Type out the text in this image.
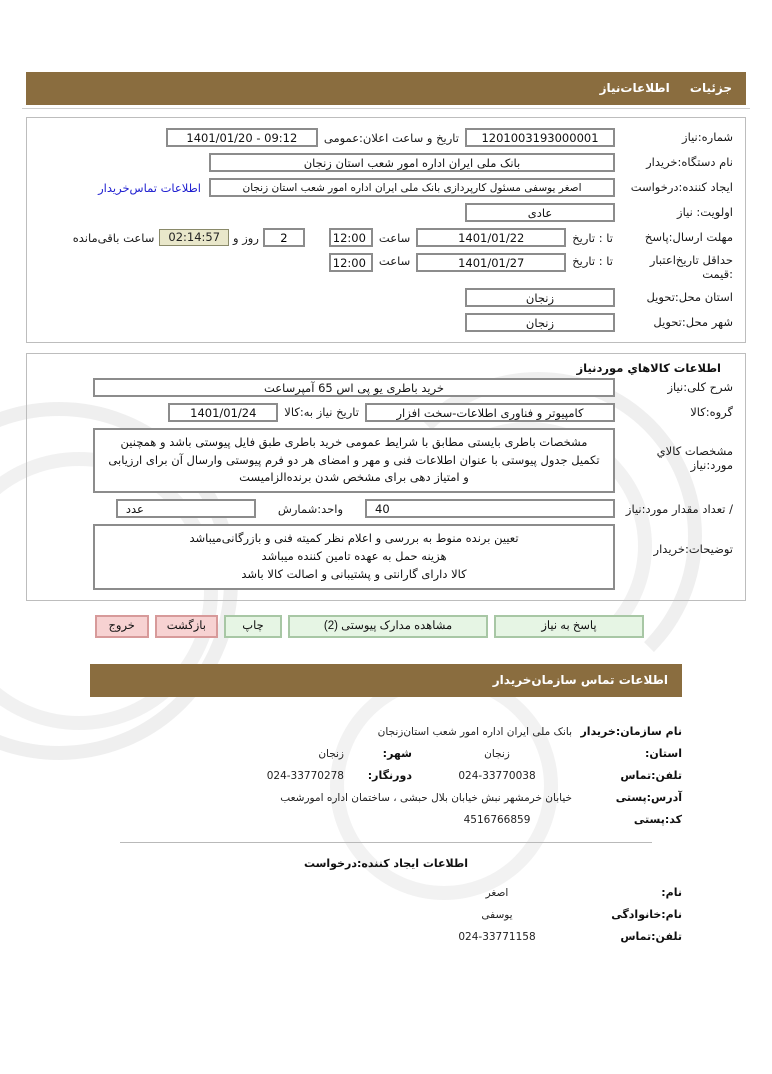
جزئیات اطلاعات‌نیاز
شماره:نیاز
1201003193000001
تاریخ و ساعت اعلان:عمومی
09:12 - 1401/01/20
نام دستگاه:خریدار
بانک ملی ایران اداره امور شعب استان زنجان
ایجاد کننده:درخواست
اصغر یوسفی مسئول کارپردازی بانک ملی ایران اداره امور شعب استان زنجان
اطلاعات تماس‌خریدار
اولویت: نیاز
عادی
مهلت ارسال:پاسخ
تا : تاریخ
1401/01/22
ساعت
12:00
2
روز و
02:14:57
ساعت باقی‌مانده
حداقل تاریخ‌اعتبار :قیمت
تا : تاریخ
1401/01/27
ساعت
12:00
استان محل:تحویل
زنجان
شهر محل:تحویل
زنجان
اطلاعات کالاهاي موردنیاز
شرح کلی:نیاز
خرید باطری یو پی اس 65 آمپرساعت
گروه:کالا
کامپیوتر و فناوری اطلاعات-سخت افزار
تاریخ نیاز به:کالا
1401/01/24
مشخصات کالاي مورد:نیاز
مشخصات باطری بایستی مطابق با شرایط عمومی خرید باطری طبق فایل پیوستی باشد و همچنین
تکمیل جدول پیوستی با عنوان اطلاعات فنی و مهر و امضای هر دو فرم پیوستی وارسال آن برای ارزیابی
و امتیاز دهی برای مشخص شدن برنده‌الزامیست
/ تعداد مقدار مورد:نیاز
40
واحد:شمارش
عدد
توضیحات:خریدار
تعیین برنده منوط به بررسی و اعلام نظر کمیته فنی و بازرگانی‌میباشد
هزینه حمل به عهده تامین کننده میباشد
کالا دارای گارانتی و پشتیبانی و اصالت کالا باشد
پاسخ به نیاز
مشاهده مدارک پیوستی (2)
چاپ
بازگشت
خروج
اطلاعات تماس سازمان‌خریدار
نام سازمان:خریدار
بانک ملی ایران اداره امور شعب استان‌زنجان
استان:
زنجان
شهر:
زنجان
تلفن:تماس
024-33770038
دورنگار:
024-33770278
آدرس:پستی
خیابان خرمشهر نبش خیابان بلال حبشی ، ساختمان اداره امورشعب
کد:پستی
4516766859
اطلاعات ایجاد کننده:درخواست
نام:
اصغر
نام:خانوادگی
یوسفی
تلفن:تماس
024-33771158
